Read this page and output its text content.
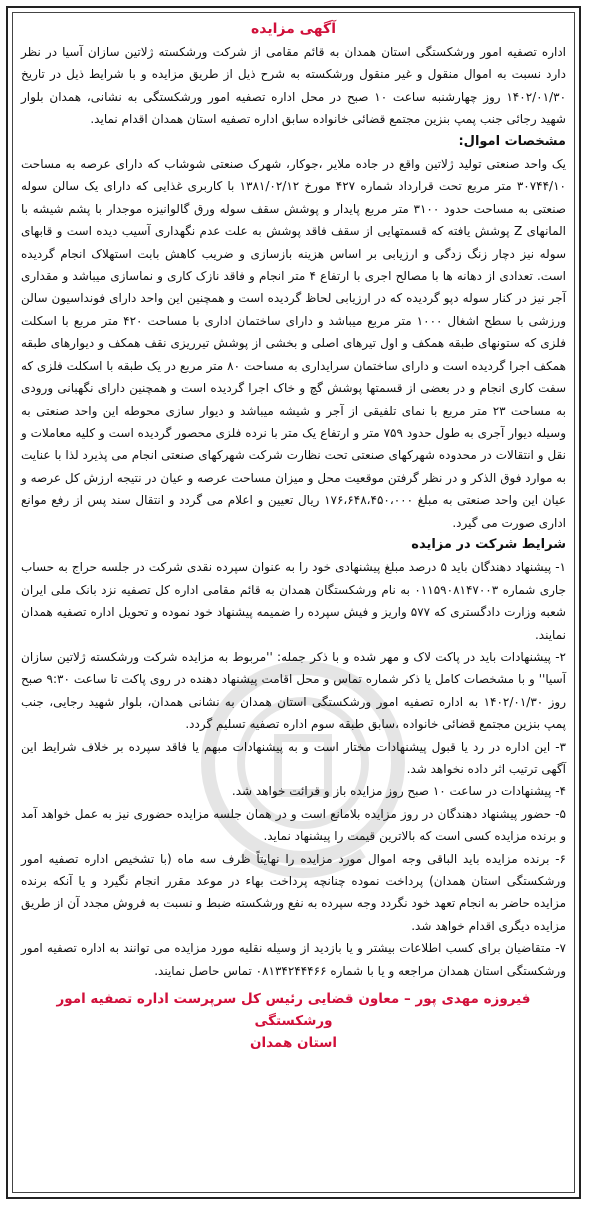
آگهی مزایده

اداره تصفیه امور ورشکستگی استان همدان به قائم مقامی از شرکت ورشکسته ژلاتین سازان آسیا در نظر دارد نسبت به اموال منقول و غیر منقول ورشکسته به شرح ذیل از طریق مزایده و با شرایط ذیل در تاریخ ۱۴۰۲/۰۱/۳۰ روز چهارشنبه ساعت ۱۰ صبح در محل اداره تصفیه امور ورشکستگی به نشانی، همدان بلوار شهید رجائی جنب پمپ بنزین مجتمع قضائی خانواده سابق اداره تصفیه استان همدان اقدام نماید.

مشخصات اموال:

یک واحد صنعتی تولید ژلاتین واقع در جاده ملایر ،جوکار، شهرک صنعتی شوشاب که دارای عرصه به مساحت ۳۰۷۴۴/۱۰ متر مربع تحت قرارداد شماره ۴۲۷ مورخ ۱۳۸۱/۰۲/۱۲ با کاربری غذایی که دارای یک سالن سوله صنعتی به مساحت حدود ۳۱۰۰ متر مربع پایدار و پوشش سقف سوله ورق گالوانیزه موجدار با پشم شیشه با المانهای Z پوشش یافته که قسمتهایی از سقف فاقد پوشش به علت عدم نگهداری آسیب دیده است و قابهای سوله نیز دچار زنگ زدگی و ارزیابی بر اساس هزینه بازسازی و ضریب کاهش بابت استهلاک انجام گردیده است. تعدادی از دهانه ها با مصالح اجری با ارتفاع ۴ متر انجام و فاقد نازک کاری و نماسازی میباشد و مقداری آجر نیز در کنار سوله دپو گردیده که در ارزیابی لحاظ گردیده است و همچنین این واحد دارای فونداسیون سالن ورزشی با سطح اشغال ۱۰۰۰ متر مربع میباشد و دارای ساختمان اداری با مساحت ۴۲۰ متر مربع با اسکلت فلزی که ستونهای طبقه همکف و اول تیرهای اصلی و بخشی از پوشش تیرریزی نقف همکف و دیوارهای طبقه همکف اجرا گردیده است و دارای ساختمان سرایداری به مساحت ۸۰ متر مربع در یک طبقه با اسکلت فلزی که سفت کاری انجام و در بعضی از قسمتها پوشش گچ و خاک اجرا گردیده است و همچنین دارای نگهبانی ورودی به مساحت ۲۳ متر مربع با نمای تلفیقی از آجر و شیشه میباشد و دیوار سازی محوطه این واحد صنعتی به وسیله دیوار آجری به طول حدود ۷۵۹ متر و ارتفاع یک متر با نرده فلزی محصور گردیده است و کلیه معاملات و نقل و انتقالات در محدوده شهرکهای صنعتی تحت نظارت شرکت شهرکهای صنعتی انجام می پذیرد لذا با عنایت به موارد فوق الذکر و در نظر گرفتن موقعیت محل و میزان مساحت عرصه و عیان در نتیجه ارزش کل عرصه و عیان این واحد صنعتی به مبلغ ۱۷۶،۶۴۸،۴۵۰،۰۰۰ ریال تعیین و اعلام می گردد و انتقال سند پس از رفع موانع اداری صورت می گیرد.

شرایط شرکت در مزایده

۱- پیشنهاد دهندگان باید ۵ درصد مبلغ پیشنهادی خود را به عنوان سپرده نقدی شرکت در جلسه حراج به حساب جاری شماره ۰۱۱۵۹۰۸۱۴۷۰۰۳ به نام ورشکستگان همدان به قائم مقامی اداره کل تصفیه نزد بانک ملی ایران شعبه وزارت دادگستری که ۵۷۷ واریز و فیش سپرده را ضمیمه پیشنهاد خود نموده و تحویل اداره تصفیه همدان نمایند.

۲- پیشنهادات باید در پاکت لاک و مهر شده و با ذکر جمله: ''مربوط به مزایده شرکت ورشکسته ژلاتین سازان آسیا'' و با مشخصات کامل یا ذکر شماره تماس و محل اقامت پیشنهاد دهنده در روی پاکت تا ساعت ۹:۳۰ صبح روز ۱۴۰۲/۰۱/۳۰ به اداره تصفیه امور ورشکستگی استان همدان به نشانی همدان، بلوار شهید رجایی، جنب پمپ بنزین مجتمع قضائی خانواده ،سابق طبقه سوم اداره تصفیه تسلیم گردد.

۳- این اداره در رد یا قبول پیشنهادات مختار است و به پیشنهادات مبهم یا فاقد سپرده بر خلاف شرایط این آگهی ترتیب اثر داده نخواهد شد.

۴- پیشنهادات در ساعت ۱۰ صبح روز مزایده باز و قرائت خواهد شد.

۵- حضور پیشنهاد دهندگان در روز مزایده بلامانع است و در همان جلسه مزایده حضوری نیز به عمل خواهد آمد و برنده مزایده کسی است که بالاترین قیمت را پیشنهاد نماید.

۶- برنده مزایده باید الباقی وجه اموال مورد مزایده را نهایتاً ظرف سه ماه (با تشخیص اداره تصفیه امور ورشکستگی استان همدان) پرداخت نموده چنانچه پرداخت بهاء در موعد مقرر انجام نگیرد و یا آنکه برنده مزایده حاضر به انجام تعهد خود نگردد وجه سپرده به نفع ورشکسته ضبط و نسبت به فروش مجدد آن از طریق مزایده دیگری اقدام خواهد شد.

۷- متقاضیان برای کسب اطلاعات بیشتر و یا بازدید از وسیله نقلیه مورد مزایده می توانند به اداره تصفیه امور ورشکستگی استان همدان مراجعه و یا با شماره ۰۸۱۳۴۲۴۴۴۶۶ تماس حاصل نمایند.

فیروزه مهدی پور – معاون قضایی رئیس کل سرپرست اداره تصفیه امور ورشکستگی
استان همدان
